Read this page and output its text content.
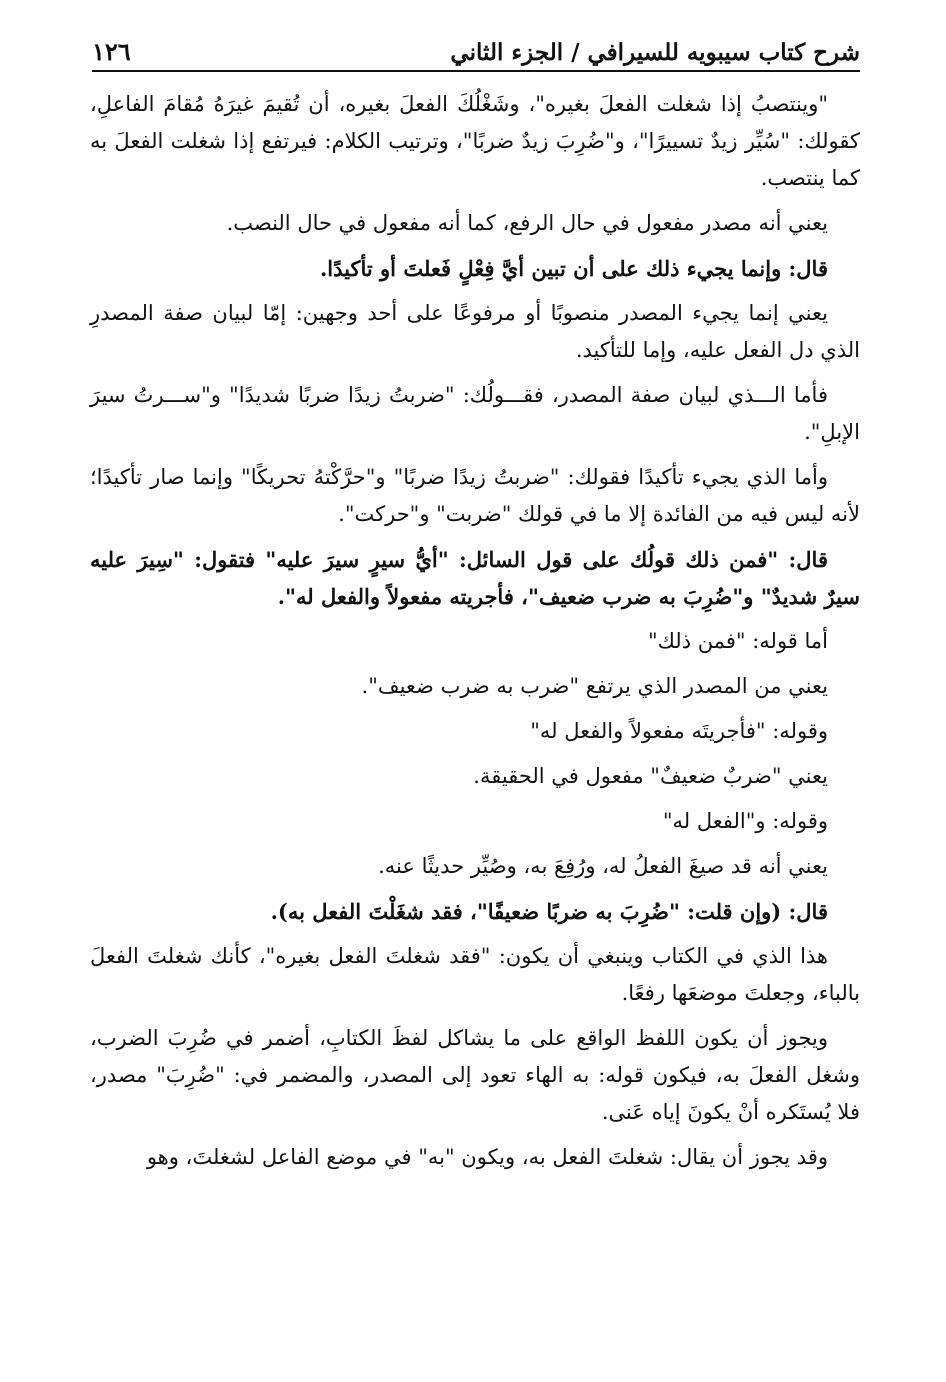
شرح كتاب سيبويه للسيرافي / الجزء الثاني
١٢٦

"وينتصبُ إذا شغلت الفعلَ بغيره"، وشَغْلُكَ الفعلَ بغيره، أن تُقيمَ غيرَهُ مُقامَ الفاعلِ، كقولك: "سُيِّر زيدٌ تسييرًا"، و"ضُرِبَ زيدٌ ضربًا"، وترتيب الكلام: فيرتفع إذا شغلت الفعلَ به كما ينتصب.

يعني أنه مصدر مفعول في حال الرفع، كما أنه مفعول في حال النصب.

قال: وإنما يجيء ذلك على أن تبين أيَّ فِعْلٍ فَعلتَ أو تأكيدًا.

يعني إنما يجيء المصدر منصوبًا أو مرفوعًا على أحد وجهين: إمّا لبيان صفة المصدرِ الذي دل الفعل عليه، وإما للتأكيد.

فأما الـــذي لبيان صفة المصدر، فقـــولُك: "ضربتُ زيدًا ضربًا شديدًا" و"ســـرتُ سيرَ الإبلِ".

وأما الذي يجيء تأكيدًا فقولك: "ضربتُ زيدًا ضربًا" و"حرَّكْتهُ تحريكًا" وإنما صار تأكيدًا؛ لأنه ليس فيه من الفائدة إلا ما في قولك "ضربت" و"حركت".

قال: "فمن ذلك قولُك على قول السائل: "أيُّ سيرٍ سيرَ عليه" فتقول: "سِيرَ عليه سيرٌ شديدٌ" و"ضُرِبَ به ضرب ضعيف"، فأجريته مفعولاً والفعل له".

أما قوله: "فمن ذلك"

يعني من المصدر الذي يرتفع "ضرب به ضرب ضعيف".

وقوله: "فأجريتَه مفعولاً والفعل له"

يعني "ضربٌ ضعيفٌ" مفعول في الحقيقة.

وقوله: و"الفعل له"

يعني أنه قد صيغَ الفعلُ له، ورُفِعَ به، وصُيِّر حديثًا عنه.

قال: (وإن قلت: "ضُرِبَ به ضربًا ضعيفًا"، فقد شغَلْتَ الفعل به).

هذا الذي في الكتاب وينبغي أن يكون: "فقد شغلتَ الفعل بغيره"، كأنك شغلتَ الفعلَ بالباء، وجعلتَ موضعَها رفعًا.

ويجوز أن يكون اللفظ الواقع على ما يشاكل لفظَ الكتابِ، أضمر في ضُرِبَ الضرب، وشغل الفعلَ به، فيكون قوله: به الهاء تعود إلى المصدر، والمضمر في: "ضُرِبَ" مصدر، فلا يُستَكره أنْ يكونَ إياه عَنى.

وقد يجوز أن يقال: شغلتَ الفعل به، ويكون "به" في موضع الفاعل لشغلتَ، وهو
